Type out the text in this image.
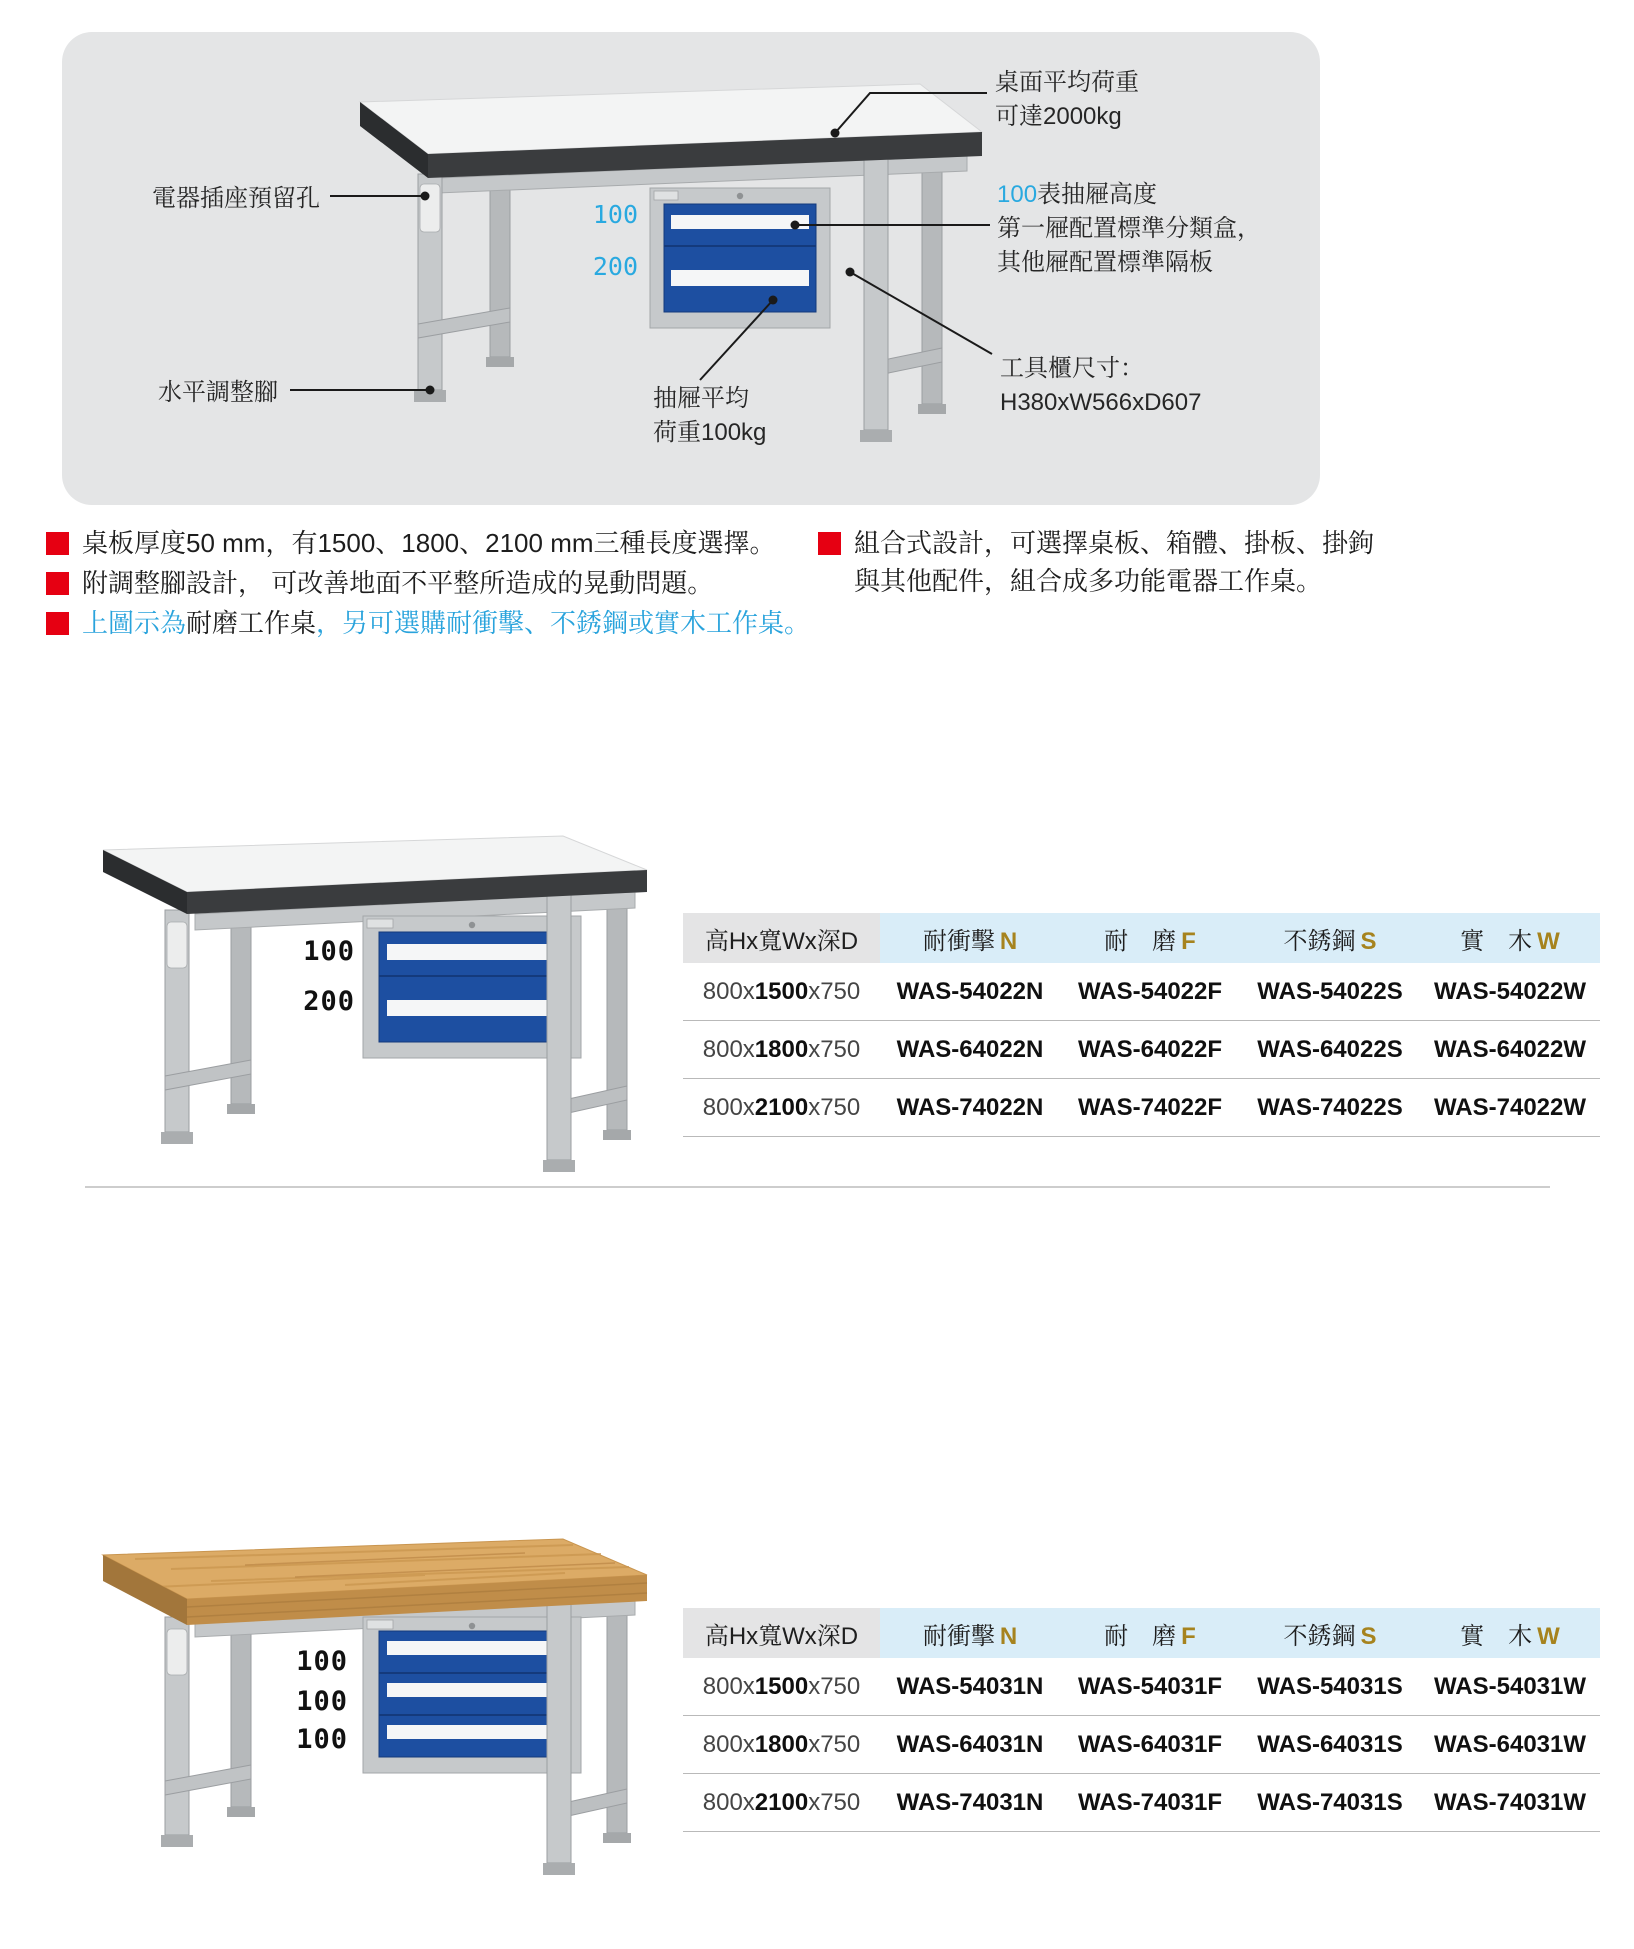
桌面平均荷重
可達2000kg
100表抽屜高度
第一屜配置標準分類盒，
其他屜配置標準隔板
工具櫃尺寸：
H380xW566xD607
電器插座預留孔
水平調整腳	抽屜平均
荷重100kg
100
200
桌板厚度50 mm，有1500、1800、2100 mm三種長度選擇。
附調整腳設計， 可改善地面不平整所造成的晃動問題。
上圖示為耐磨工作桌，另可選購耐衝擊、不銹鋼或實木工作桌。
組合式設計，可選擇桌板、箱體、掛板、掛鉤
與其他配件，組合成多功能電器工作桌。
100
200
高Hx寬Wx深D	耐衝擊 N	耐　磨 F	不銹鋼 S	實　木 W
800x1500x750	WAS-54022N	WAS-54022F	WAS-54022S	WAS-54022W
800x1800x750	WAS-64022N	WAS-64022F	WAS-64022S	WAS-64022W
800x2100x750	WAS-74022N	WAS-74022F	WAS-74022S	WAS-74022W
100
100
100
高Hx寬Wx深D	耐衝擊 N	耐　磨 F	不銹鋼 S	實　木 W
800x1500x750	WAS-54031N	WAS-54031F	WAS-54031S	WAS-54031W
800x1800x750	WAS-64031N	WAS-64031F	WAS-64031S	WAS-64031W
800x2100x750	WAS-74031N	WAS-74031F	WAS-74031S	WAS-74031W
